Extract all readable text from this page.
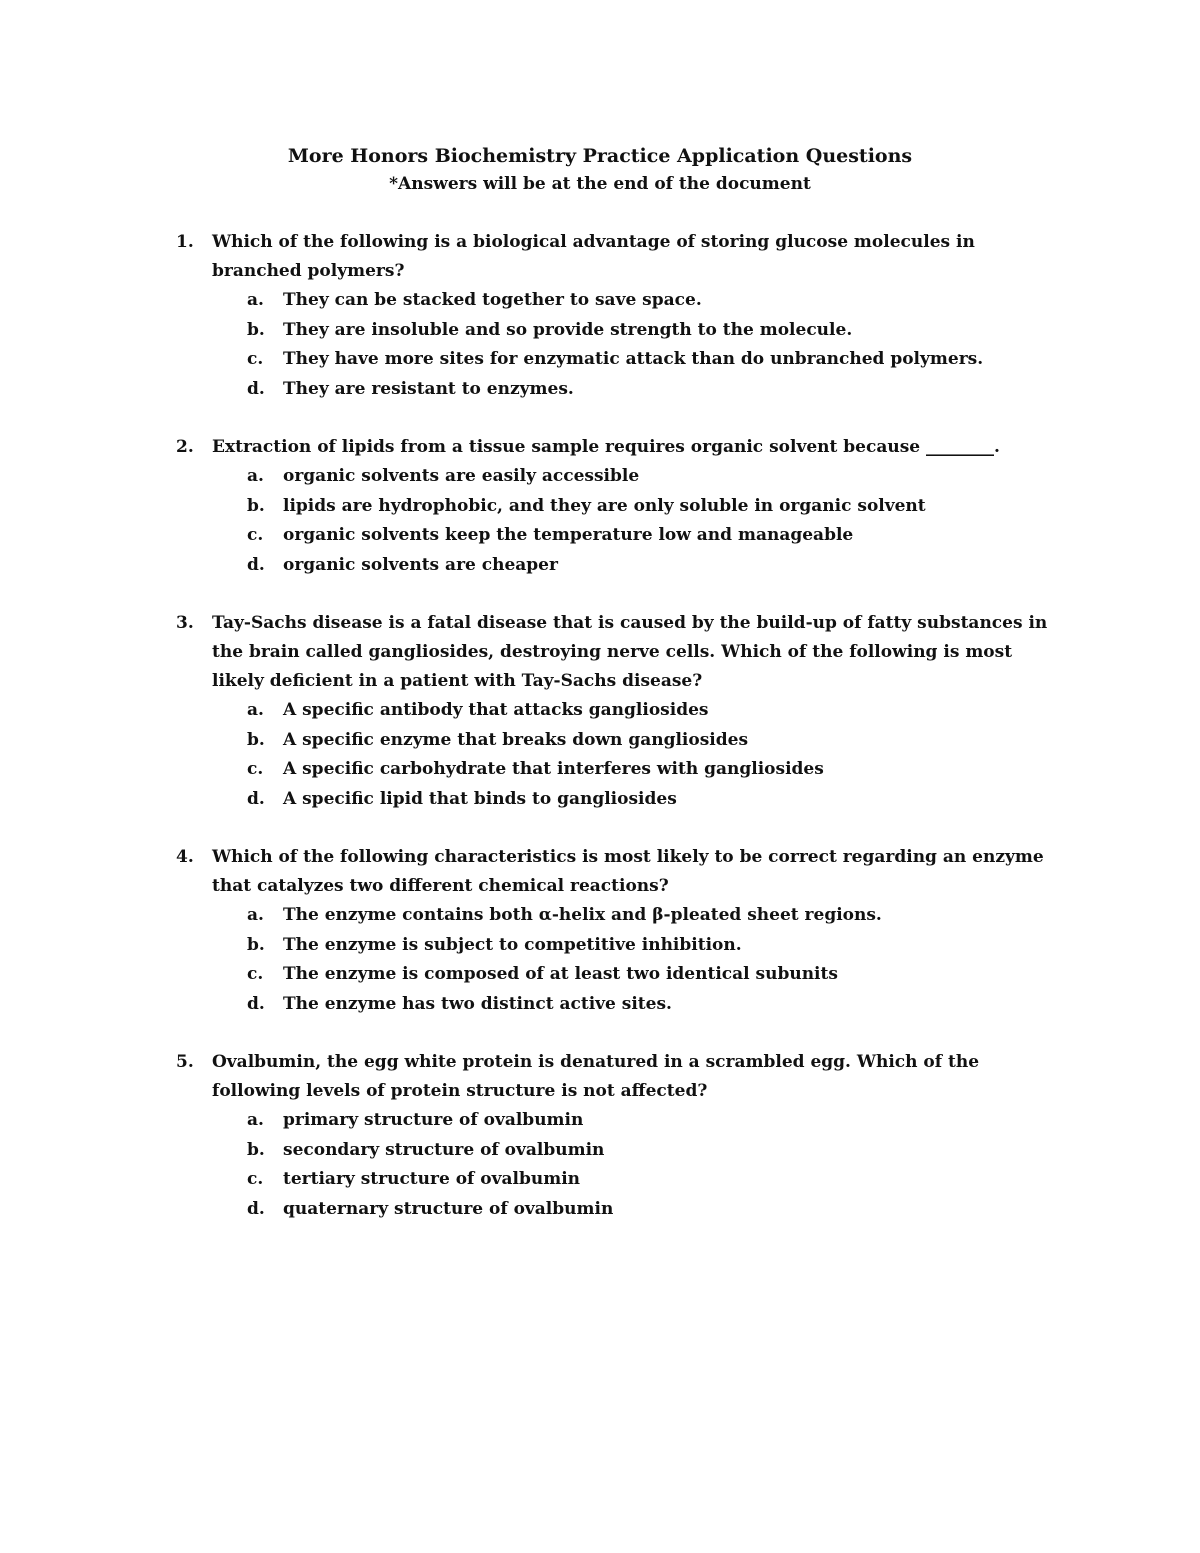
More Honors Biochemistry Practice Application Questions

*Answers will be at the end of the document

1.	Which of the following is a biological advantage of storing glucose molecules in branched polymers?
a.	They can be stacked together to save space.
b.	They are insoluble and so provide strength to the molecule.
c.	They have more sites for enzymatic attack than do unbranched polymers.
d.	They are resistant to enzymes.
2.	Extraction of lipids from a tissue sample requires organic solvent because ________.
a.	organic solvents are easily accessible
b.	lipids are hydrophobic, and they are only soluble in organic solvent
c.	organic solvents keep the temperature low and manageable
d.	organic solvents are cheaper
3.	Tay-Sachs disease is a fatal disease that is caused by the build-up of fatty substances in the brain called gangliosides, destroying nerve cells. Which of the following is most likely deficient in a patient with Tay-Sachs disease?
a.	A specific antibody that attacks gangliosides
b.	A specific enzyme that breaks down gangliosides
c.	A specific carbohydrate that interferes with gangliosides
d.	A specific lipid that binds to gangliosides
4.	Which of the following characteristics is most likely to be correct regarding an enzyme that catalyzes two different chemical reactions?
a.	The enzyme contains both α-helix and β-pleated sheet regions.
b.	The enzyme is subject to competitive inhibition.
c.	The enzyme is composed of at least two identical subunits
d.	The enzyme has two distinct active sites.
5.	Ovalbumin, the egg white protein is denatured in a scrambled egg. Which of the following levels of protein structure is not affected?
a.	primary structure of ovalbumin
b.	secondary structure of ovalbumin
c.	tertiary structure of ovalbumin
d.	quaternary structure of ovalbumin
